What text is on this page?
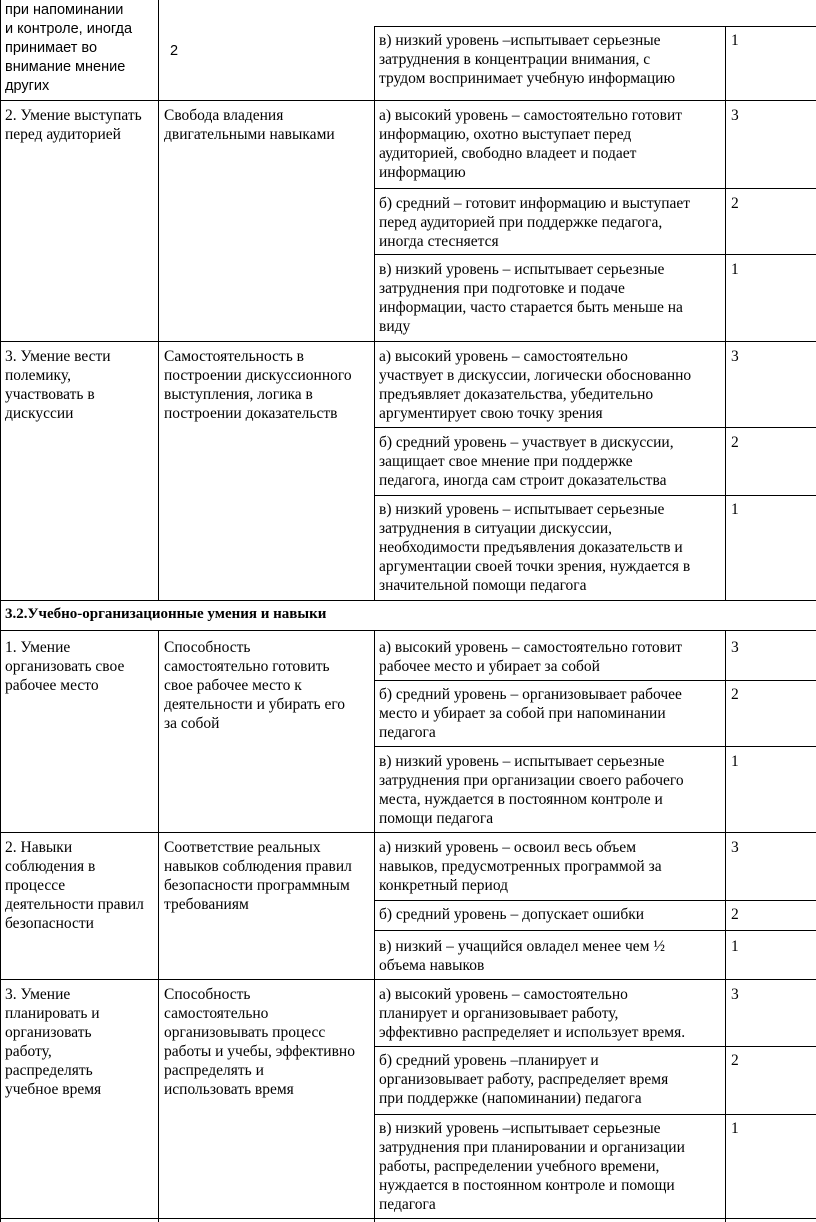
при напоминании
и контроле, иногда
принимает во
внимание мнение
других
2
в) низкий уровень –испытывает серьезные
затруднения в концентрации внимания, с
трудом воспринимает учебную информацию
1
2. Умение выступать
перед аудиторией
Свобода владения
двигательными навыками
а) высокий уровень – самостоятельно готовит
информацию, охотно выступает перед
аудиторией, свободно владеет и подает
информацию
3
б) средний – готовит информацию и выступает
перед аудиторией при поддержке педагога,
иногда стесняется
2
в) низкий уровень – испытывает серьезные
затруднения при подготовке и подаче
информации, часто старается быть меньше на
виду
1
3. Умение вести
полемику,
участвовать в
дискуссии
Самостоятельность в
построении дискуссионного
выступления, логика в
построении доказательств
а) высокий уровень – самостоятельно
участвует в дискуссии, логически обоснованно
предъявляет доказательства, убедительно
аргументирует свою точку зрения
3
б) средний уровень – участвует в дискуссии,
защищает свое мнение при поддержке
педагога, иногда сам строит доказательства
2
в) низкий уровень – испытывает серьезные
затруднения в ситуации дискуссии,
необходимости предъявления доказательств и
аргументации своей точки зрения, нуждается в
значительной помощи педагога
1
3.2.Учебно-организационные умения и навыки
1. Умение
организовать свое
рабочее место
Способность
самостоятельно готовить
свое рабочее место к
деятельности и убирать его
за собой
а) высокий уровень – самостоятельно готовит
рабочее место и убирает за собой
3
б) средний уровень – организовывает рабочее
место и убирает за собой при напоминании
педагога
2
в) низкий уровень – испытывает серьезные
затруднения при организации своего рабочего
места, нуждается в постоянном контроле и
помощи педагога
1
2. Навыки
соблюдения в
процессе
деятельности правил
безопасности
Соответствие реальных
навыков соблюдения правил
безопасности программным
требованиям
а) низкий уровень – освоил весь объем
навыков, предусмотренных программой за
конкретный период
3
б) средний уровень – допускает ошибки	2
в) низкий – учащийся овладел менее чем ½
объема навыков
1
3. Умение
планировать и
организовать
работу,
распределять
учебное время
Способность
самостоятельно
организовывать процесс
работы и учебы, эффективно
распределять и
использовать время
а) высокий уровень – самостоятельно
планирует и организовывает работу,
эффективно распределяет и использует время.
3
б) средний уровень –планирует и
организовывает работу, распределяет время
при поддержке (напоминании) педагога
2
в) низкий уровень –испытывает серьезные
затруднения при планировании и организации
работы, распределении учебного времени,
нуждается в постоянном контроле и помощи
педагога
1
